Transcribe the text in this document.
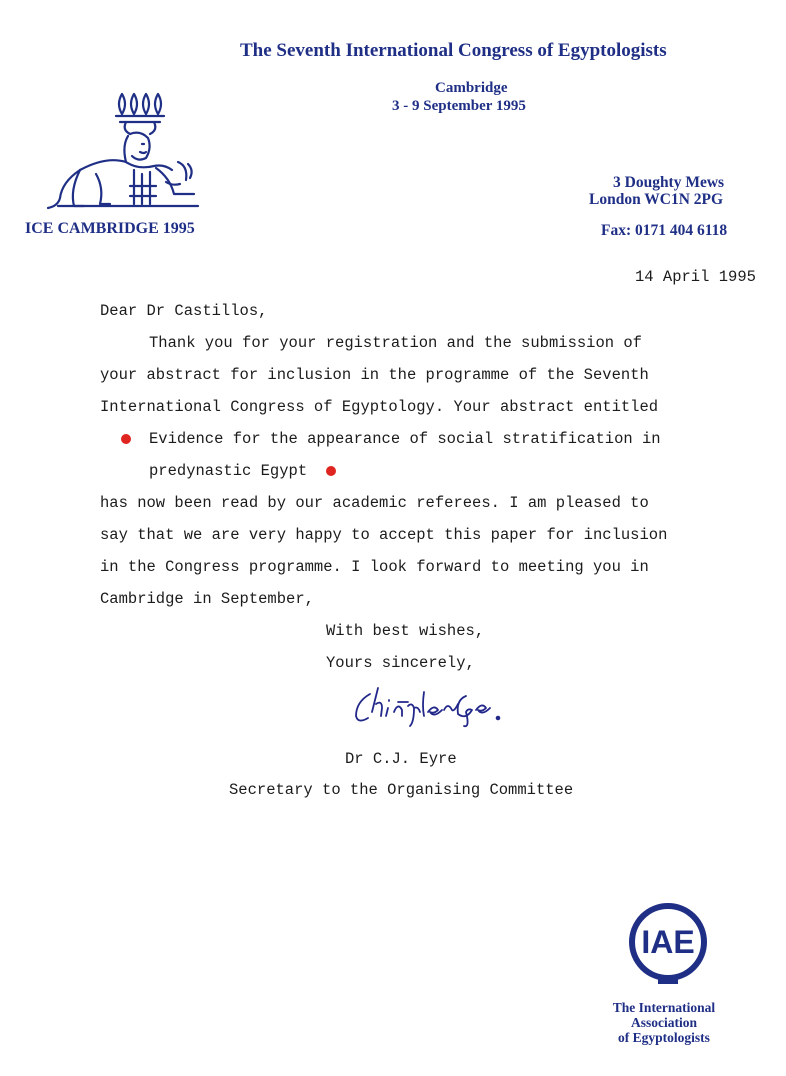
The Seventh International Congress of Egyptologists
Cambridge
3 - 9 September 1995
ICE CAMBRIDGE 1995
3 Doughty Mews
London WC1N 2PG
Fax: 0171 404 6118
14 April 1995
Dear Dr Castillos,
Thank you for your registration and the submission of
your abstract for inclusion in the programme of the Seventh
International Congress of Egyptology. Your abstract entitled
Evidence for the appearance of social stratification in
predynastic Egypt
has now been read by our academic referees. I am pleased to
say that we are very happy to accept this paper for inclusion
in the Congress programme. I look forward to meeting you in
Cambridge in September,
With best wishes,
Yours sincerely,
Dr C.J. Eyre
Secretary to the Organising Committee
IAE
The International
Association
of Egyptologists
